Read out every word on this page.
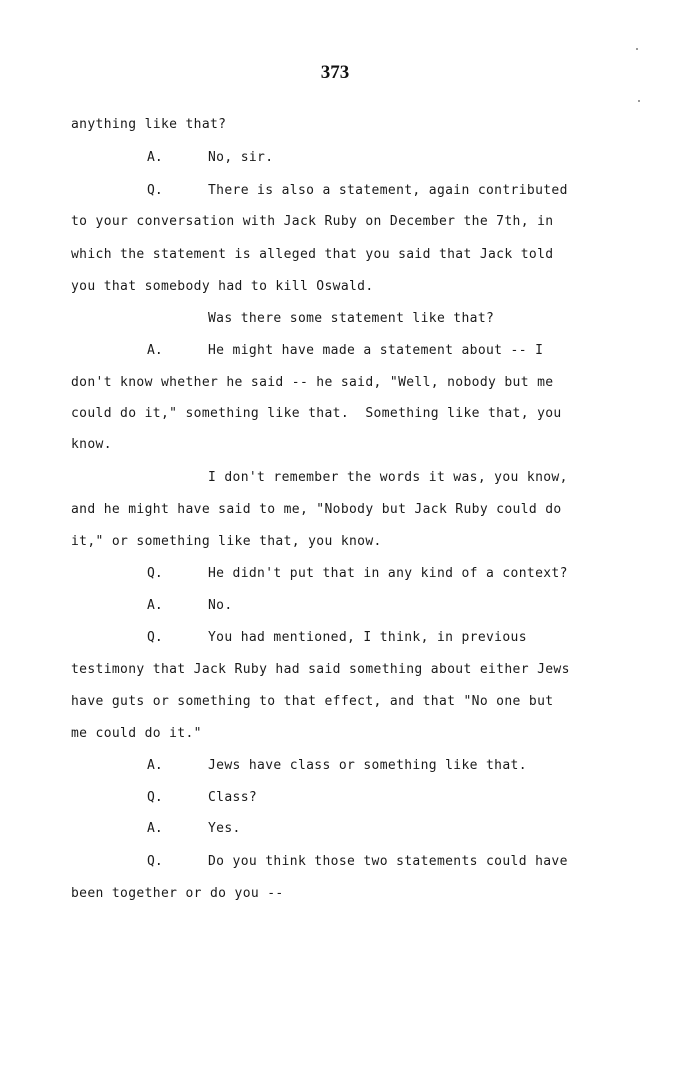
373
anything like that?
A.	No, sir.
Q.	There is also a statement, again contributed
to your conversation with Jack Ruby on December the 7th, in
which the statement is alleged that you said that Jack told
you that somebody had to kill Oswald.
Was there some statement like that?
A.	He might have made a statement about -- I
don't know whether he said -- he said, "Well, nobody but me
could do it," something like that.  Something like that, you
know.
I don't remember the words it was, you know,
and he might have said to me, "Nobody but Jack Ruby could do
it," or something like that, you know.
Q.	He didn't put that in any kind of a context?
A.	No.
Q.	You had mentioned, I think, in previous
testimony that Jack Ruby had said something about either Jews
have guts or something to that effect, and that "No one but
me could do it."
A.	Jews have class or something like that.
Q.	Class?
A.	Yes.
Q.	Do you think those two statements could have
been together or do you --
